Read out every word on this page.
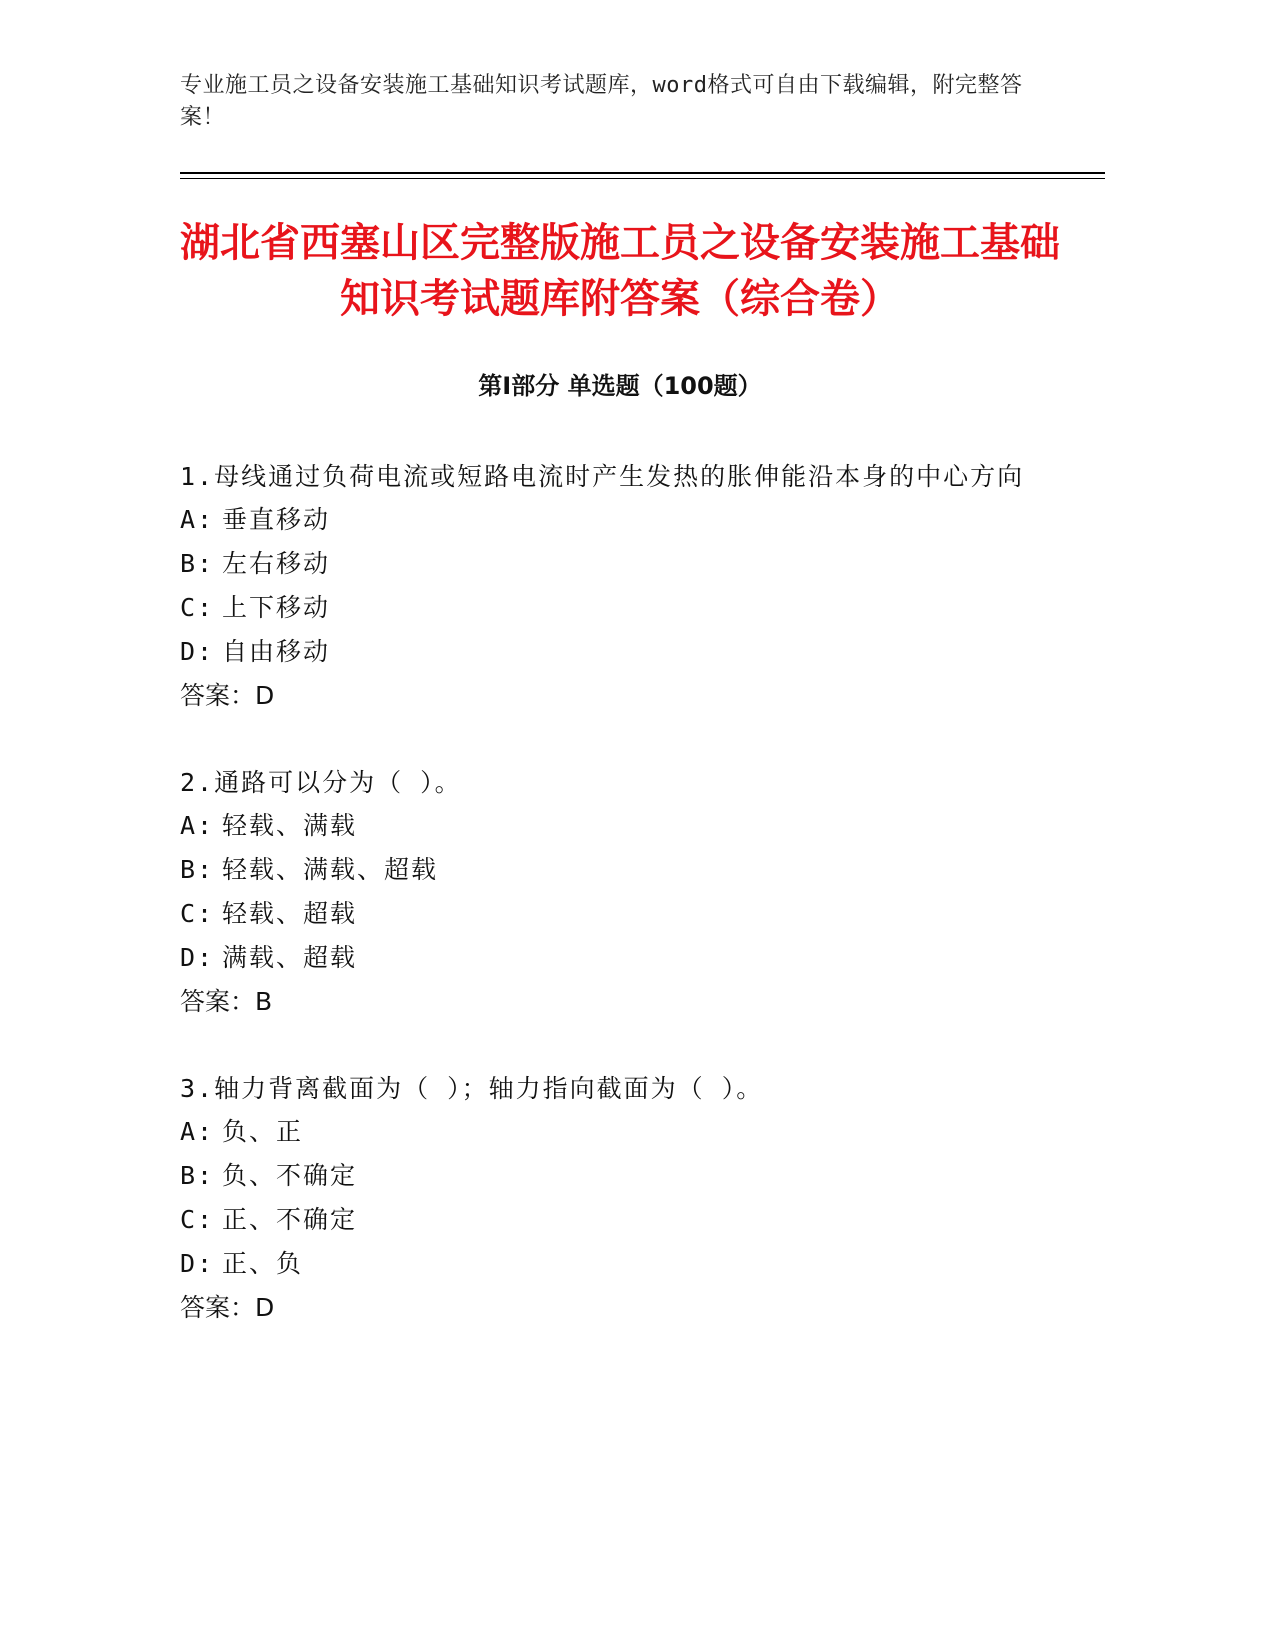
专业施工员之设备安装施工基础知识考试题库，word格式可自由下载编辑，附完整答案！
湖北省西塞山区完整版施工员之设备安装施工基础知识考试题库附答案（综合卷）
第Ⅰ部分 单选题（100题）
1.母线通过负荷电流或短路电流时产生发热的胀伸能沿本身的中心方向
A: 垂直移动
B: 左右移动
C: 上下移动
D: 自由移动
答案：D
2.通路可以分为（ ）。
A: 轻载、满载
B: 轻载、满载、超载
C: 轻载、超载
D: 满载、超载
答案：B
3.轴力背离截面为（ ）；轴力指向截面为（ ）。
A: 负、正
B: 负、不确定
C: 正、不确定
D: 正、负
答案：D
